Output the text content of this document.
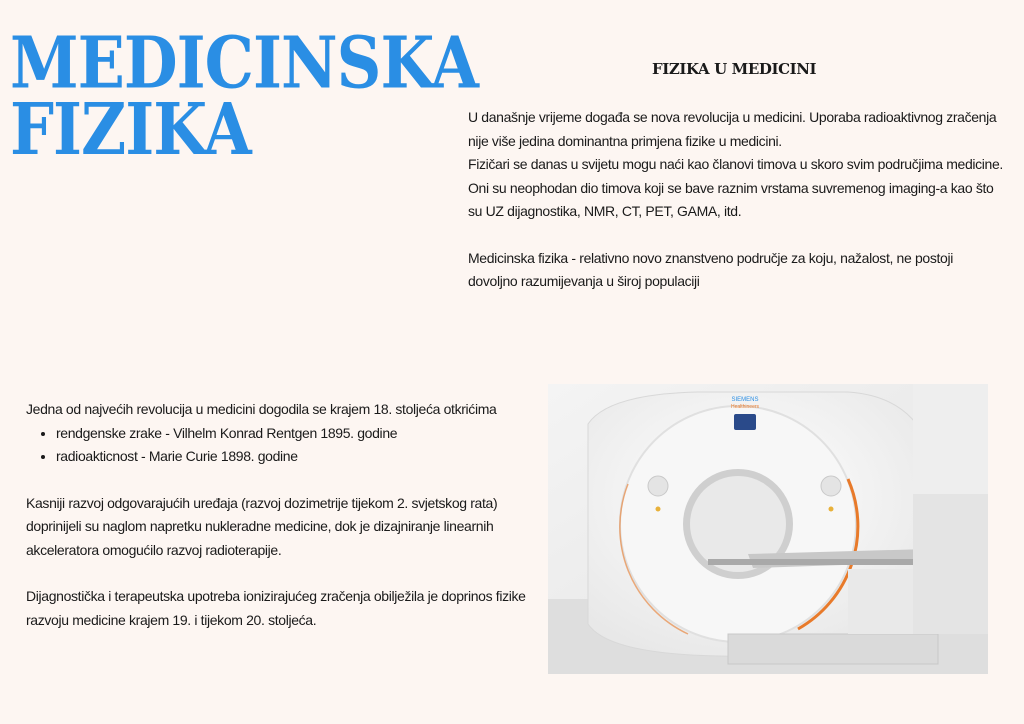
MEDICINSKA
FIZIKA
FIZIKA U MEDICINI

U današnje vrijeme događa se nova revolucija u medicini. Uporaba radioaktivnog zračenja nije više jedina dominantna primjena fizike u medicini.

Fizičari se danas u svijetu mogu naći kao članovi timova u skoro svim područjima medicine. Oni su neophodan dio timova koji se bave raznim vrstama suvremenog imaging-a kao što su UZ dijagnostika, NMR, CT, PET, GAMA, itd.

Medicinska fizika - relativno novo znanstveno područje za koju, nažalost, ne postoji dovoljno razumijevanja u široj populaciji

Jedna od najvećih revolucija u medicini dogodila se krajem 18. stoljeća otkrićima

• rendgenske zrake - Vilhelm Konrad Rentgen 1895. godine
• radioakticnost - Marie Curie 1898. godine

Kasniji razvoj odgovarajućih uređaja (razvoj dozimetrije tijekom 2. svjetskog rata) doprinijeli su naglom napretku nukleradne medicine, dok je dizajniranje linearnih akceleratora omogućilo razvoj radioterapije.

Dijagnostička i terapeutska upotreba ionizirajućeg zračenja obilježila je doprinos fizike razvoju medicine krajem 19. i tijekom 20. stoljeća.

SIEMENS
Healthineers
